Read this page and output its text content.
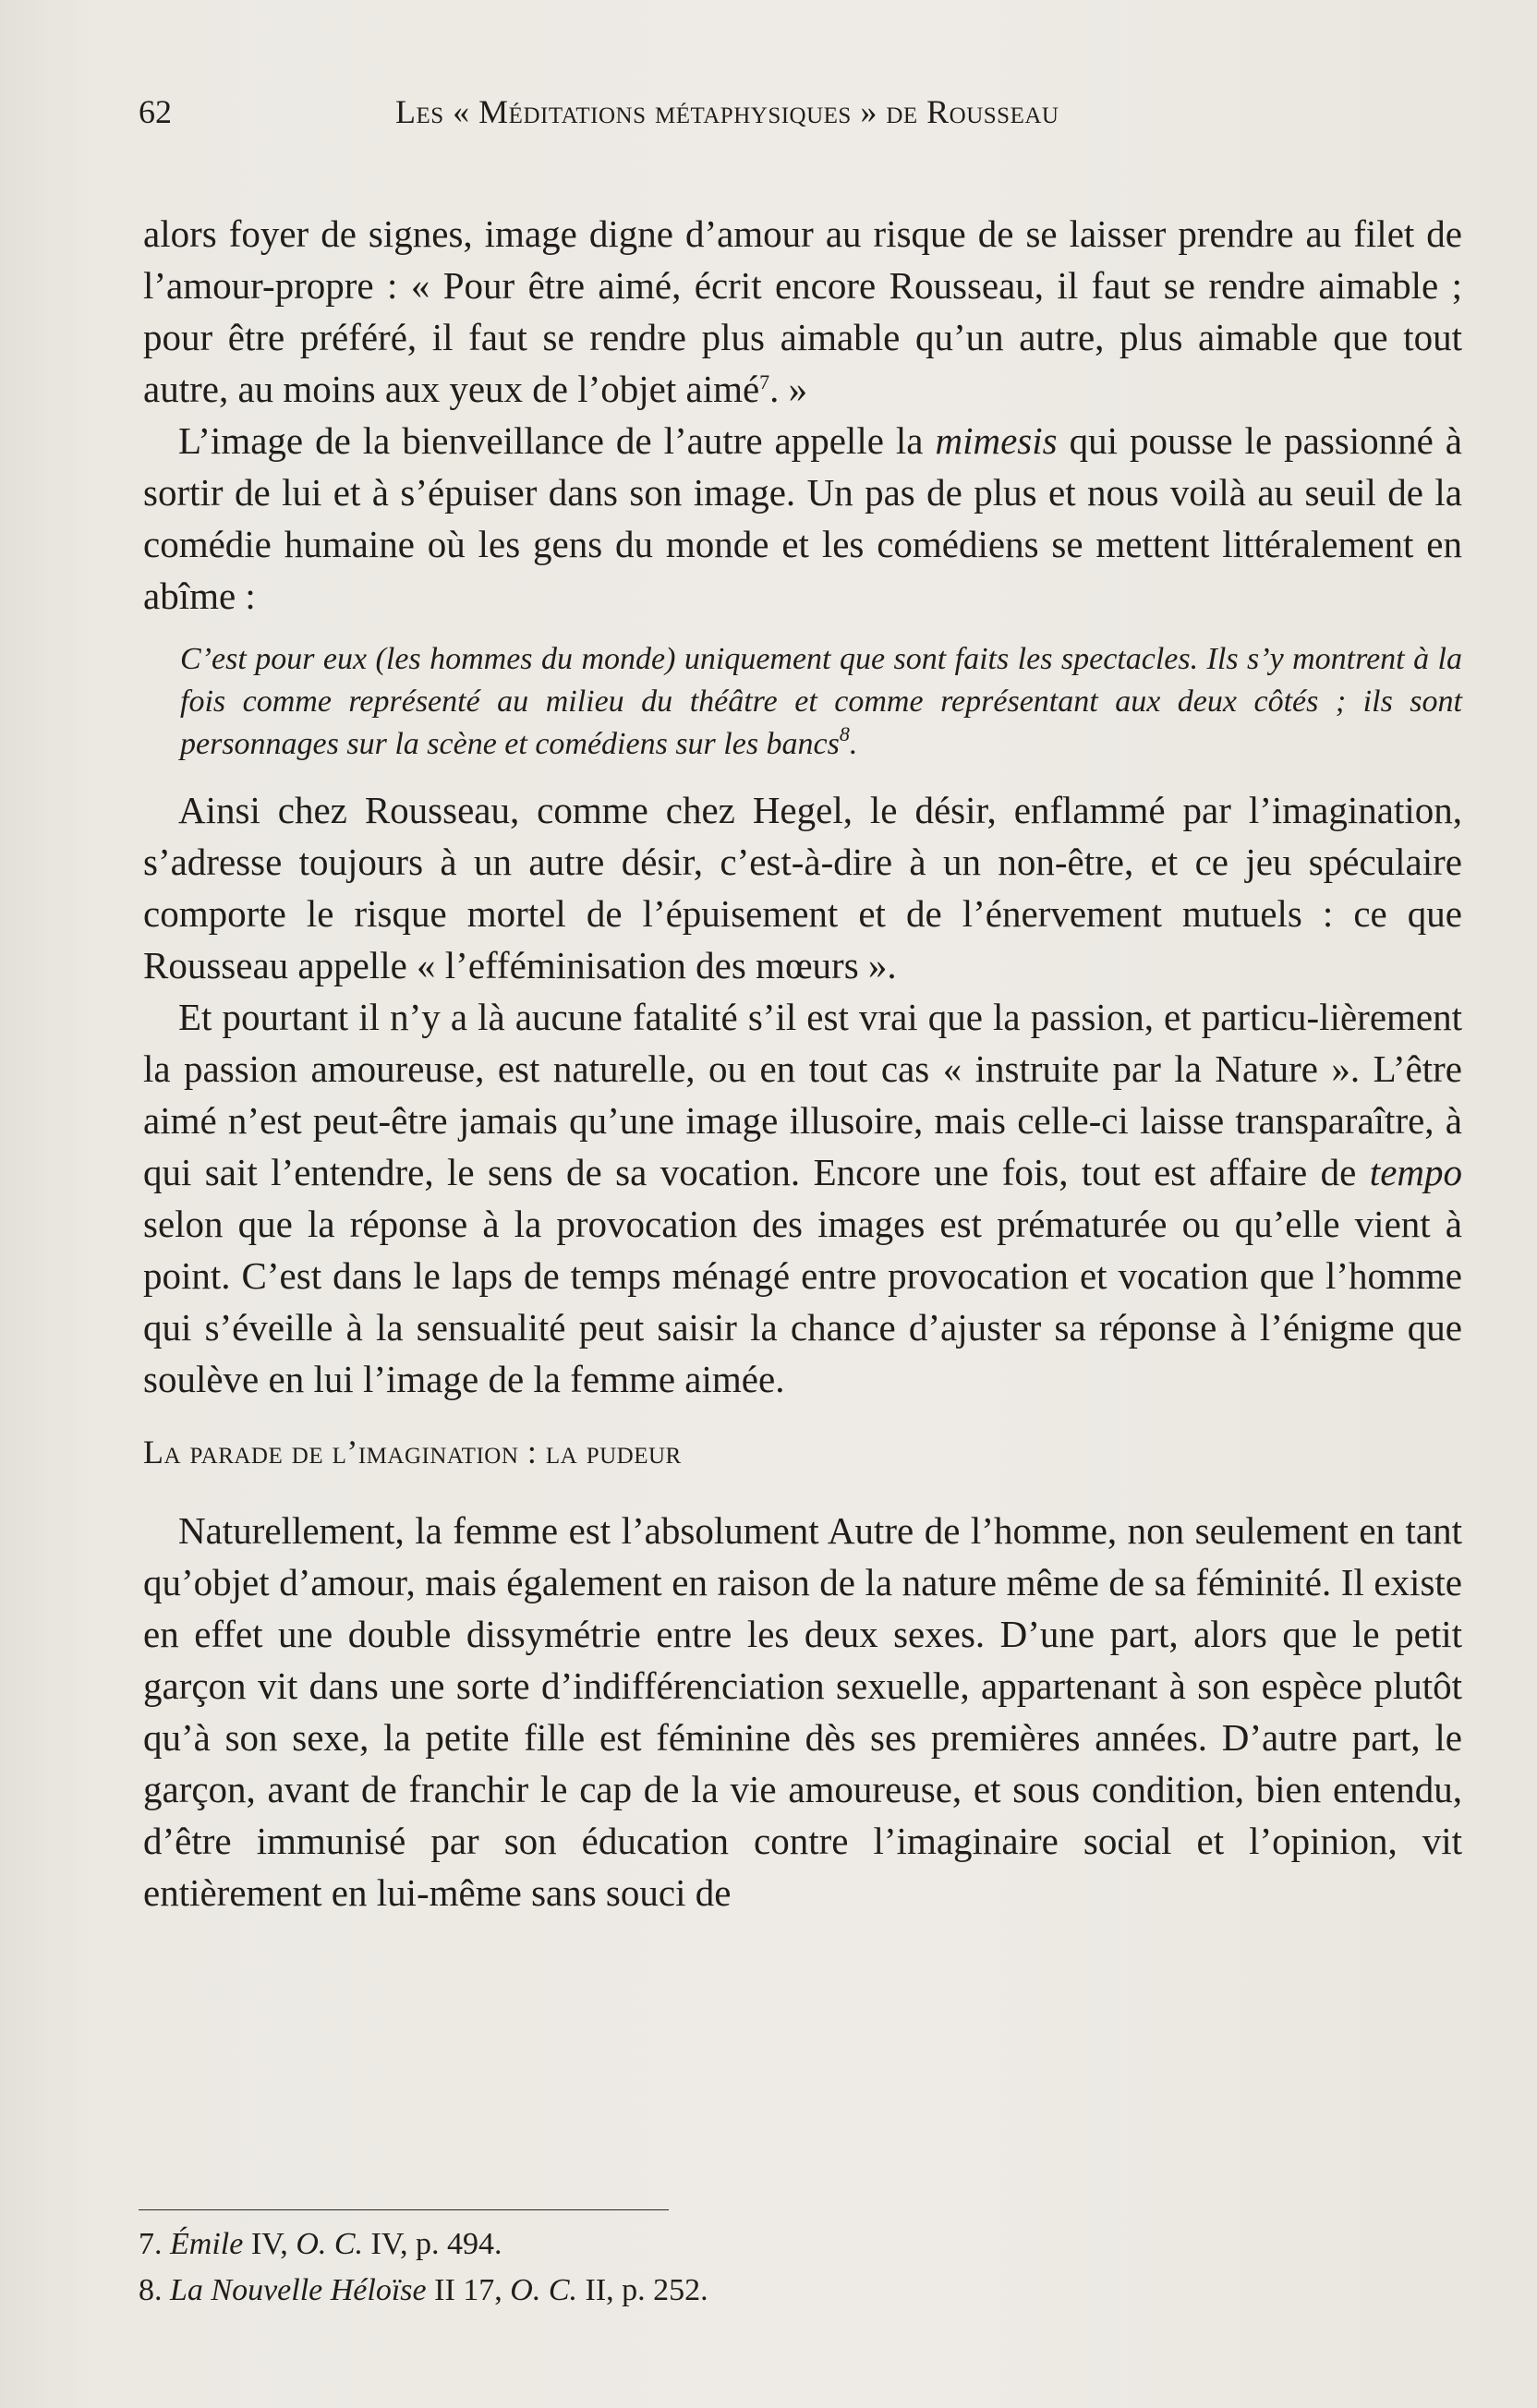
62	Les « Méditations métaphysiques » de Rousseau

alors foyer de signes, image digne d’amour au risque de se laisser prendre au filet de l’amour-propre : « Pour être aimé, écrit encore Rousseau, il faut se rendre aimable ; pour être préféré, il faut se rendre plus aimable qu’un autre, plus aimable que tout autre, au moins aux yeux de l’objet aimé$^7$. »

L’image de la bienveillance de l’autre appelle la mimesis qui pousse le passionné à sortir de lui et à s’épuiser dans son image. Un pas de plus et nous voilà au seuil de la comédie humaine où les gens du monde et les comédiens se mettent littéralement en abîme :

C’est pour eux (les hommes du monde) uniquement que sont faits les spectacles. Ils s’y montrent à la fois comme représenté au milieu du théâtre et comme représentant aux deux côtés ; ils sont personnages sur la scène et comédiens sur les bancs$^8$.

Ainsi chez Rousseau, comme chez Hegel, le désir, enflammé par l’imagination, s’adresse toujours à un autre désir, c’est-à-dire à un non-être, et ce jeu spéculaire comporte le risque mortel de l’épuisement et de l’énervement mutuels : ce que Rousseau appelle « l’efféminisation des mœurs ».

Et pourtant il n’y a là aucune fatalité s’il est vrai que la passion, et particu-lièrement la passion amoureuse, est naturelle, ou en tout cas « instruite par la Nature ». L’être aimé n’est peut-être jamais qu’une image illusoire, mais celle-ci laisse transparaître, à qui sait l’entendre, le sens de sa vocation. Encore une fois, tout est affaire de tempo selon que la réponse à la provocation des images est prématurée ou qu’elle vient à point. C’est dans le laps de temps ménagé entre provocation et vocation que l’homme qui s’éveille à la sensualité peut saisir la chance d’ajuster sa réponse à l’énigme que soulève en lui l’image de la femme aimée.

La parade de l’imagination : la pudeur

Naturellement, la femme est l’absolument Autre de l’homme, non seulement en tant qu’objet d’amour, mais également en raison de la nature même de sa féminité. Il existe en effet une double dissymétrie entre les deux sexes. D’une part, alors que le petit garçon vit dans une sorte d’indifférenciation sexuelle, appartenant à son espèce plutôt qu’à son sexe, la petite fille est féminine dès ses premières années. D’autre part, le garçon, avant de franchir le cap de la vie amoureuse, et sous condition, bien entendu, d’être immunisé par son éducation contre l’imaginaire social et l’opinion, vit entièrement en lui-même sans souci de

7. Émile IV, O. C. IV, p. 494.
8. La Nouvelle Héloïse II 17, O. C. II, p. 252.
